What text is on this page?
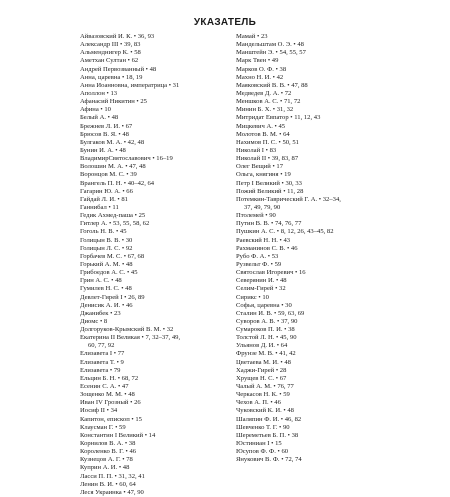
УКАЗАТЕЛЬ
Айвазовский И. К. • 36, 93
Александр III • 39, 83
Альменднигер К. • 58
Аметхан Султан • 62
Андрей Первозванный • 48
Анна, царевна • 18, 19
Анна Иоанновна, императрица • 31
Аполлон • 13
Афанасий Никитин • 25
Афина • 10
Белый А. • 48
Брежнев Л. И. • 67
Брюсов В. Я. • 48
Булгаков М. А. • 42, 48
Бунин И. А. • 48
ВладимирСвятославович • 16–19
Волошин М. А. • 47, 48
Воронцов М. С. • 39
Врангель П. Н. • 40–42, 64
Гагарин Ю. А. • 66
Гайдай Л. И. • 81
Ганнибал • 11
Гедик Ахмед-паша • 25
Гитлер А. • 53, 55, 58, 62
Гоголь Н. В. • 45
Голицын В. В. • 30
Голицын Л. С. • 92
Горбачев М. С. • 67, 68
Горький А. М. • 48
Грибоедов А. С. • 45
Грин А. С. • 48
Гумилев Н. С. • 48
Девлет-Гирей I • 26, 89
Денисик А. И. • 46
Джанибек • 23
Диомс • 8
Долгоруков-Крымский В. М. • 32
Екатерина II Великая • 7, 32–37, 49,
60, 77, 92
Елизавета I • 77
Елизавета Т. • 9
Елизавета • 79
Ельцин Б. Н. • 68, 72
Есенин С. А. • 47
Зощенко М. М. • 48
Иван IV Грозный • 26
Иосиф II • 34
Капитон, епископ • 15
Клаусман Г. • 59
Константин I Великий • 14
Корнилов В. А. • 38
Короленко В. Г. • 46
Кузнецов А. Г. • 78
Куприн А. И. • 48
Ласси П. П. • 31, 32, 41
Ленин В. И. • 60, 64
Леся Украинка • 47, 90
Мамай • 23
Мандельштам О. Э. • 48
Манштейн Э. • 54, 55, 57
Марк Твен • 49
Марков О. Ф. • 38
Махно Н. И. • 42
Маяковский В. В. • 47, 88
Медведев Д. А. • 72
Меншков А. С. • 71, 72
Минин Б. Х. • 31, 32
Митридат Евпатор • 11, 12, 43
Мицкевич А. • 45
Молотов В. М. • 64
Нахимов П. С. • 50, 51
Николай I • 83
Николай II • 39, 83, 87
Олег Вещий • 17
Ольга, княгиня • 19
Петр I Великий • 30, 33
Пожий Великий • 11, 28
Потемкин-Таврический Г. А. • 32–34,
37, 49, 79, 90
Птолемей • 90
Путин В. В. • 74, 76, 77
Пушкин А. С. • 8, 12, 26, 43–45, 82
Раевский Н. Н. • 43
Рахманинов С. В. • 46
Рубо Ф. А. • 53
Рузвельт Ф. • 59
Святослав Игоревич • 16
Северянин И. • 48
Селим-Гирей • 32
Сирикс • 10
Софья, царевна • 30
Сталин И. В. • 59, 63, 69
Суворов А. В. • 37, 90
Сумароков П. И. • 38
Толстой Л. Н. • 45, 90
Ульянов Д. И. • 64
Фрунзе М. В. • 41, 42
Цветаева М. И. • 48
Хаджи-Гирей • 28
Хрущев Н. С. • 67
Чалый А. М. • 76, 77
Черкасов Н. К. • 59
Чехов А. П. • 46
Чуковский К. И. • 48
Шаляпин Ф. И. • 46, 82
Шевченко Т. Г. • 90
Шереметьев Б. П. • 38
Юстиниан I • 15
Юсупов Ф. Ф. • 60
Янукович В. Ф. • 72, 74
